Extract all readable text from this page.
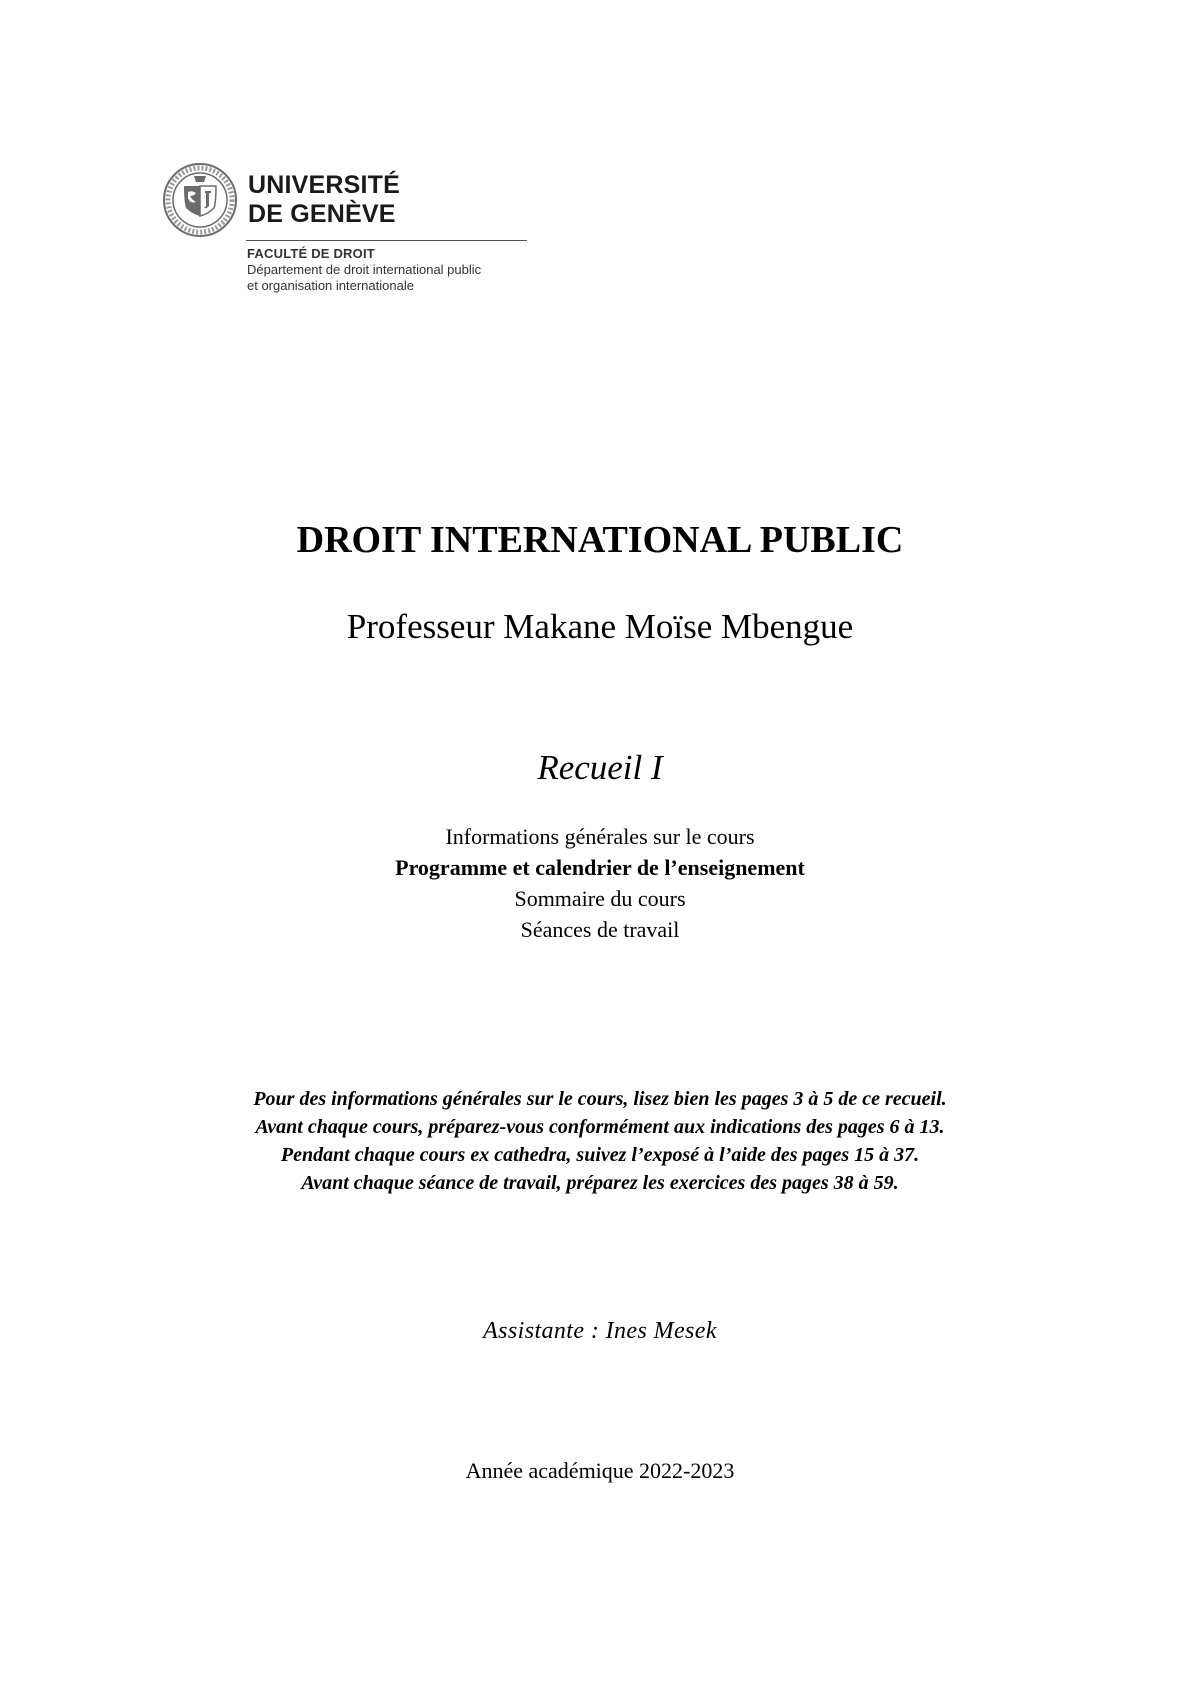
UNIVERSITÉ
DE GENÈVE
FACULTÉ DE DROIT
Département de droit international public
et organisation internationale
DROIT INTERNATIONAL PUBLIC
Professeur Makane Moïse Mbengue
Recueil I
Informations générales sur le cours
Programme et calendrier de l’enseignement
Sommaire du cours
Séances de travail
Pour des informations générales sur le cours, lisez bien les pages 3 à 5 de ce recueil.
Avant chaque cours, préparez-vous conformément aux indications des pages 6 à 13.
Pendant chaque cours ex cathedra, suivez l’exposé à l’aide des pages 15 à 37.
Avant chaque séance de travail, préparez les exercices des pages 38 à 59.
Assistante : Ines Mesek
Année académique 2022-2023
